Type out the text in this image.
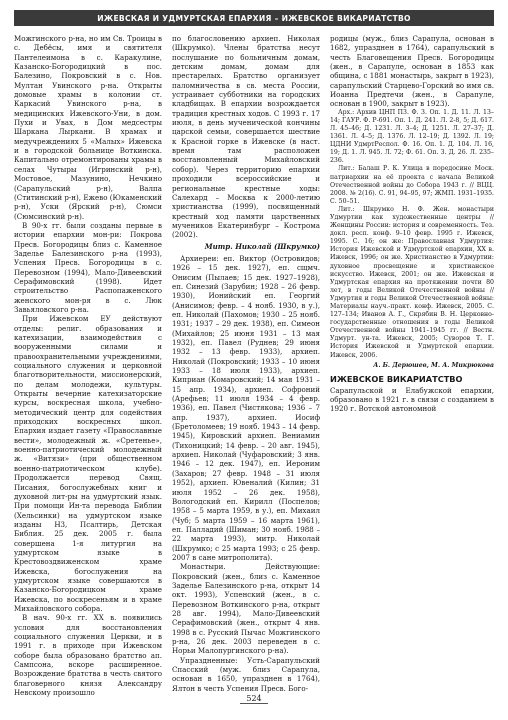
ИЖЕВСКАЯ И УДМУРТСКАЯ ЕПАРХИЯ – ИЖЕВСКОЕ ВИКАРИАТСТВО

Можгинского р-на, но им Св. Троицы в с. Дебёсы, имя и святителя Пантелеимона в с. Каракулине, Казанско-Богородицкий в пос. Балезино, Покровский в с. Нов. Мултан Увинского р-на. Открыты домовые храмы в колонии ст. Каркасий Увинского р-на, в медицинских Ижевского-Уни, в дом. Пухи и Увах, в Дом медсестры Шаркана Лыркани. В храмах и медучреждениях 5 «Малых» Ижевска и в городской больнице Воткинска. Капитально отремонтированы храмы в селах Чутыры (Игринский р-н), Мостовое, Мазунино, Нечкино (Сарапульский р-н), Валпа (Ститинский р-н), Ежево (Юкаменский р-н), Уски (Ярский р-н), Сюмси (Сюмсинский р-н).

В 90-х гг. были созданы первые в истории епархии мон-ри: Покрова Пресв. Богородицы близ с. Каменное Заделье Балезинского р-на (1993), Успения Пресв. Богородицы в с. Перевозном (1994), Мало-Дивеевский Серафимовский (1998). Идет строительство Распопаженского женского мон-ря в с. Люк Завьяловского р-на.

При Ижевском ЕУ действуют отделы: религ. образования и катехизации, взаимодействия с вооруженными силами и правоохранительными учреждениями, социального служения и церковной благотворительности, миссионерский, по делам молодежи, культуры. Открыты вечерние катехизаторские курсы, воскресная школа, учебно-методический центр для содействия приходских воскресных школ. Епархия издает газету «Православные вести», молодежный ж. «Сретенье», военно-патриотический молодежный ж. «Витязи» (при общественном военно-патриотическом клубе). Продолжается перевод Свящ. Писания, богослужебных книг и духовной лит-ры на удмуртский язык. При помощи Ин-та перевода Библии (Хельсинки) на удмуртском языке изданы Н3, Псалтирь, Детская Библия. 25 дек. 2005 г. была совершена 1-я литургия на удмуртском языке в Крестовоздвиженском храме Ижевска, богослужения на удмуртском языке совершаются в Казанско-Богородицком храме Ижевска, по воскресеньям и в храме Михайловского собора.

В нач. 90-х гг. XX в. появились условия для восстановления социального служения Церкви, и в 1991 г. в приходе при Ижевском соборе была образовано братство ап. Сампсона, вскоре расширенное. Возрождение братства в честь святого благоверного князя Александру Невскому произошло

по благословению архиеп. Николая (Шкрумко). Члены братства несут послушание по больничным домам, детским домам, домам для престарелых. Братство организует паломничества в св. места России, устраивает субботники на городских кладбищах. В епархии возрождается традиция крестных ходов. С 1993 г. 17 июля, в день мученической кончины царской семьи, совершается шествие к Красной горке в Ижевске (в наст. время там расположен восстановленный Михайловский собор). Через территорию епархии проходили всероссийские и региональные крестные ходы: Салехард – Москва к 2000-летию христианства (1999), посвященный крестный ход памяти царственных мучеников Екатеринбург – Кострома (2002).

Митр. Николай (Шкрумко)

Архиереи: еп. Виктор (Островидов; 1926 – 15 дек. 1927), еп. сщмч. Онисим (Пылаев; 15 дек. 1927–1928), еп. Синезий (Зарубин; 1928 – 26 февр. 1930), Ионийский еп. Георгий (Анисимов; февр. – 4 нояб. 1930, в у.), еп. Николай (Пахомов; 1930 – 25 нояб. 1931; 1937 – 29 дек. 1938), еп. Симеон (Михайлов; 25 июня 1931 – 13 мая 1932), еп. Павел (Руднев; 29 июня 1932 – 13 февр. 1933), архиеп. Николай (Покровский; 1933 – 10 июня 1933 – 18 июля 1933), архиеп. Киприан (Комаровский; 14 мая 1931 – 15 апр. 1934), архиеп. Софроний (Арефьев; 11 июля 1934 – 4 февр. 1936), еп. Павел (Чистякова; 1936 – 7 апр. 1937), архиеп. Иосиф (Бретоломеев; 19 нояб. 1943 – 14 февр. 1945), Кировский архиеп. Вениамин (Тихоницкий; 14 февр. – 20 авг. 1945), архиеп. Николай (Чуфаровский; 3 янв. 1946 – 12 дек. 1947), еп. Иероним (Захаров; 27 февр. 1948 – 31 июля 1952), архиеп. Ювеналий (Килин; 31 июля 1952 – 26 дек. 1958), Вологодский еп. Кирилл (Поспелов; 1958 – 5 марта 1959, в у.), еп. Михаил (Чуб; 5 марта 1959 – 16 марта 1961), еп. Палладий (Шиман; 30 нояб. 1988 – 22 марта 1993), митр. Николай (Шкрумко; с 25 марта 1993; с 25 февр. 2007 в сане митрополита).

Монастыри. Действующие: Покровский (жен., близ с. Каменное Заделье Балезинского р-на, открыт 14 окт. 1993), Успенский (жен., в с. Перевозном Воткинского р-на, открыт 28 авг. 1994), Мало-Дивеевский Серафимовский (жен., открыт 4 янв. 1998 в с. Русский Пычас Можгинского р-на, 26 дек. 2003 переведен в с. Норьи Малопургинского р-на).

Упраздненные: Усть-Сарапульский Спасский (муж. близ Сарапула, основан в 1650, упразднен в 1764), Ялтон в честь Успения Пресв. Бого-

родицы (муж., близ Сарапула, основан в 1682, упразднен в 1764), сарапульский в честь Благовещения Пресв. Богородицы (жен., в Сарапуле, основан в 1853 как община, с 1881 монастырь, закрыт в 1923), сарапульский Старцево-Горский во имя св. Иоанна Предтечи (жен., в Сарапуле, основан в 1900, закрыт в 1923).

Арх.: Архив ЦНП П3. Ф. 3. Оп. 1. Д. 11. Л. 13–14; ГАУР. Ф. Р-691. Оп. 1. Д. 241. Л. 2-8, 5; Д. 617. Л. 45–46; Д. 1231. Л. 3–4; Д. 1251. Л. 27–37; Д. 1361. Л. 4–5; Д. 1376. Л. 12–19; Д. 1392. Л. 19; ЦДНИ УдмртРеспол. Ф. 16. Оп. 1. Д. 104. Л. 16, 19; Д. 1. Л. 945. Л. 72; Ф. 61. Оп. 3. Д. 26. Л. 235–236.

Лит.: Балаш Р. К. Улица в поредосине Моск. патриархии на её проекта с начала Великой Отечественной войны до Собора 1943 г. // ВЦЦ. 2008. № 2(16). С. 91, 94–95, 97; ЖМП. 1931–1935. С. 50–51.

Лит.: Шкрумко Н. Ф. Жен. монастыри Удмуртии как художественные центры // Женщины России: история и современность. Тез. докл. респ. конф. 9–10 февр. 1995 г. Ижевск, 1995. С. 16; он же: Православная Удмуртия: История Ижевской и Удмуртской епархии, XX в. Ижевск, 1996; он же. Христианство в Удмуртии: духовное просвещение и христианское искусство. Ижевск, 2001; он же. Ижевская и Удмуртская епархия на протяжении почти 80 лет, в годы Великой Отечественной войны // Удмуртия и годы Великой Отечественной войны: Материалы науч.-практ. конф. Ижевск, 2005. С. 127–134; Иванов А. Г., Скрябин В. Н. Церковно-государственные отношения в годы Великой Отечественной войны 1941–1945 гг. // Вестн. Удмурт. ун-та. Ижевск, 2005; Суворов Т. Г. История Ижевской и Удмуртской епархии. Ижевск, 2006.

А. Б. Дерюшев, М. А. Микрюкова
ИЖЕВСКОЕ ВИКАРИАТСТВО

Сарапульской и Елабужской епархии, образовано в 1921 г. в связи с созданием в 1920 г. Вотской автономной

524
